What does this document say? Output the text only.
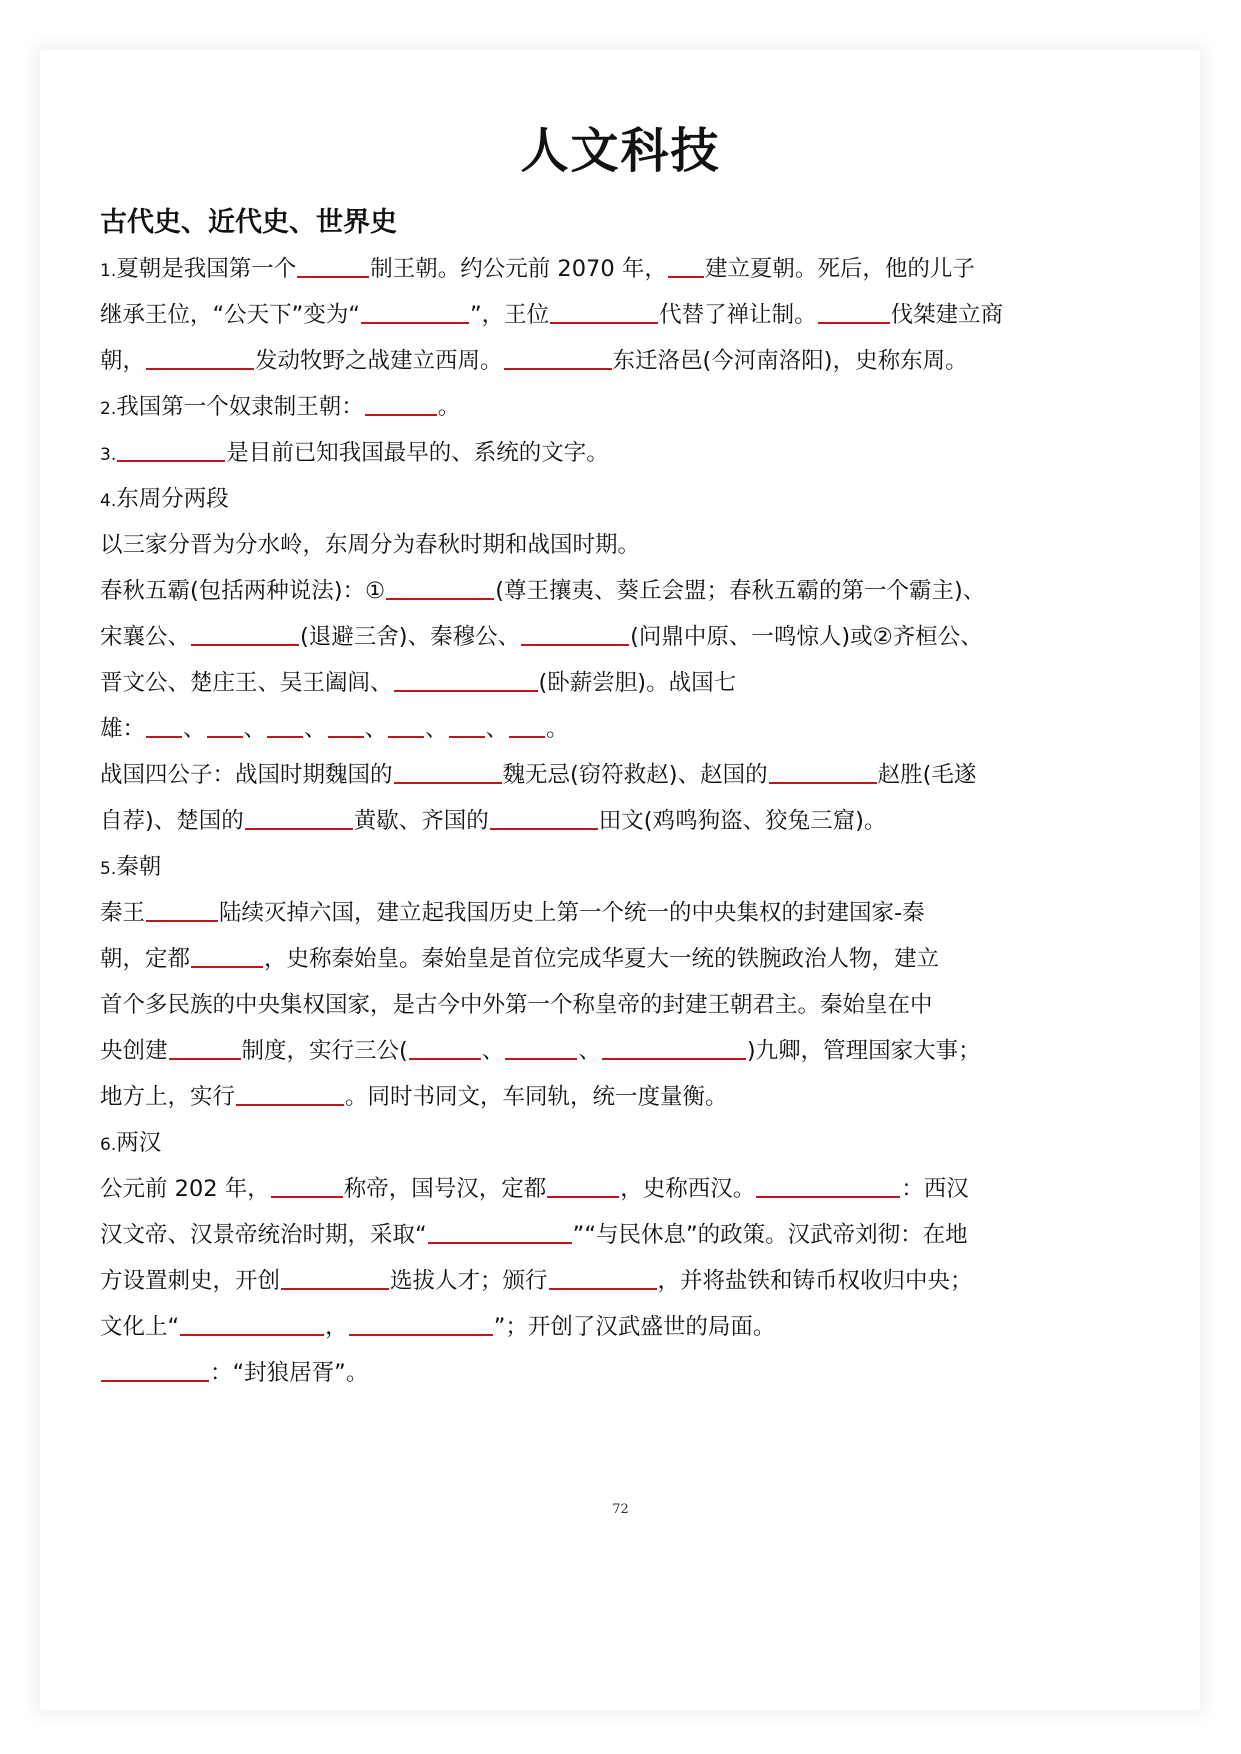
人文科技
古代史、近代史、世界史
1.夏朝是我国第一个	制王朝。约公元前 2070 年， 建立夏朝。死后，他的儿子
继承王位，“公天下”变为“	”，王位	代替了禅让制。	伐桀建立商
朝，	发动牧野之战建立西周。	东迁洛邑(今河南洛阳)，史称东周。
2.我国第一个奴隶制王朝：	。
3.	是目前已知我国最早的、系统的文字。
4.东周分两段
以三家分晋为分水岭，东周分为春秋时期和战国时期。
春秋五霸(包括两种说法)：①	(尊王攘夷、葵丘会盟；春秋五霸的第一个霸主)、
宋襄公、	(退避三舍)、秦穆公、	(问鼎中原、一鸣惊人)或②齐桓公、
晋文公、楚庄王、吴王阖闾、	(卧薪尝胆)。战国七
雄： 、 、 、 、 、 、 。
战国四公子：战国时期魏国的	魏无忌(窃符救赵)、赵国的	赵胜(毛遂
自荐)、楚国的	黄歇、齐国的	田文(鸡鸣狗盗、狡兔三窟)。
5.秦朝
秦王	陆续灭掉六国，建立起我国历史上第一个统一的中央集权的封建国家-秦
朝，定都	，史称秦始皇。秦始皇是首位完成华夏大一统的铁腕政治人物，建立
首个多民族的中央集权国家，是古今中外第一个称皇帝的封建王朝君主。秦始皇在中
央创建	制度，实行三公(	、	、	)九卿，管理国家大事；
地方上，实行	。同时书同文，车同轨，统一度量衡。
6.两汉
公元前 202 年，	称帝，国号汉，定都	，史称西汉。	：西汉
汉文帝、汉景帝统治时期，采取“	”“与民休息”的政策。汉武帝刘彻：在地
方设置刺史，开创	选拔人才；颁行	，并将盐铁和铸币权收归中央；
文化上“	，	”；开创了汉武盛世的局面。
：“封狼居胥”。
72
